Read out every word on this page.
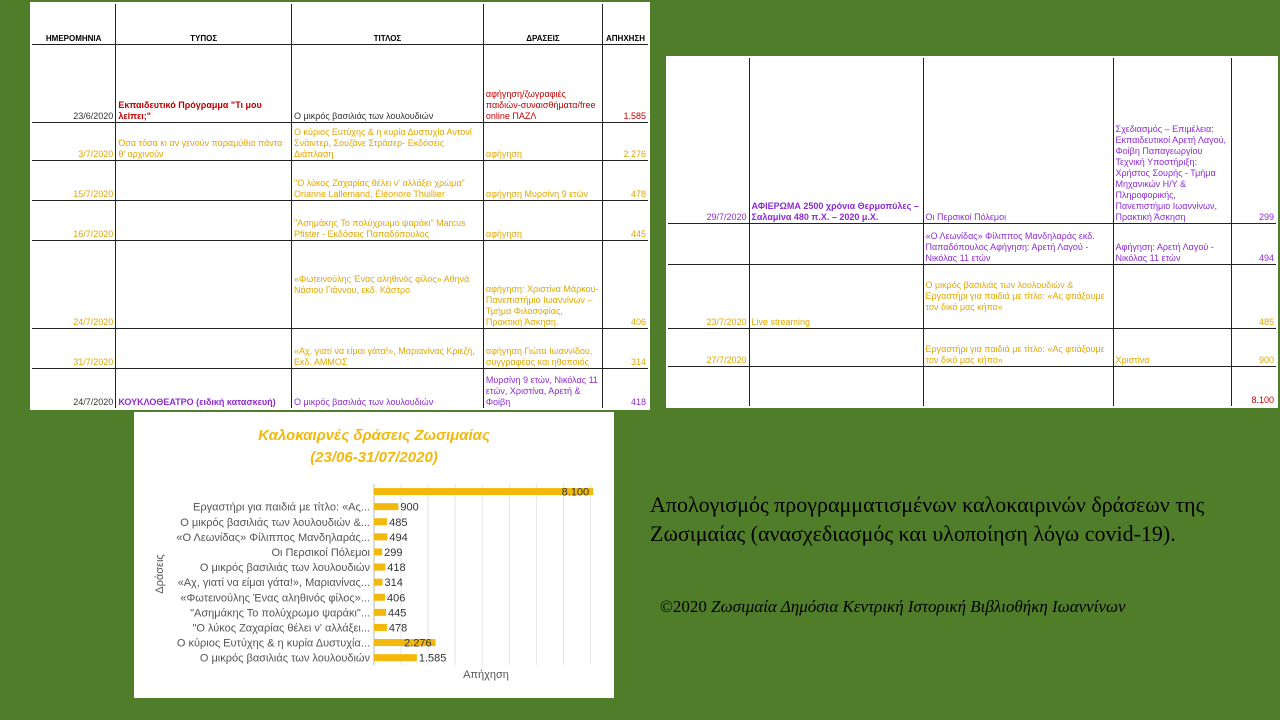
ΗΜΕΡΟΜΗΝΙΑ	ΤΥΠΟΣ	ΤΙΤΛΟΣ	ΔΡΑΣΕΙΣ	ΑΠΗΧΗΣΗ
23/6/2020	Εκπαιδευτικό Πρόγραμμα "Τι μου λείπει;"	Ο μικρός βασιλιάς των λουλουδιών	αφήγηση/ζωγραφιές παιδιών-συναισθήματα/free online ΠΑΖΛ	1.585
3/7/2020	Όσα τόσα κι αν γενούν παραμύθια πάντα θ' αρχινούν	Ο κύριος Ευτύχης & η κυρία Δυστυχία Αντονί Σνάιντερ, Σουζάνε Στράσερ- Εκδόσεις Διάπλαση	αφήγηση	2.276
15/7/2020		"Ο λύκος Ζαχαρίας θέλει ν' αλλάξει χρώμα" Orianne Lallemand, Éléonore Thuillier	αφήγηση Μυρσίνη 9 ετών	478
16/7/2020		"Ασημάκης Το πολύχρωμο ψαράκι" Marcus Pfister - Εκδόσεις Παπαδόπουλος	αφήγηση	445
24/7/2020		«Φωτεινούλης Ένας αληθινός φίλος» Αθηνά Νάσιου Γιάννου, εκδ. Κάστρο	αφήγηση: Χριστίνα Μάρκου- Πανεπιστήμιο Ιωαννίνων – Τμήμα Φιλοσοφίας, Πρακτική Άσκηση.	406
31/7/2020		«Αχ, γιατί να είμαι γάτα!», Μαριανίνας Κριεζή, Εκδ. ΑΜΜΟΣ	αφήγηση Γιώτα Ιωαννίδου, συγγραφέας και ηθοποιός	314
24/7/2020	ΚΟΥΚΛΟΘΕΑΤΡΟ (ειδική κατασκευή)	Ο μικρός βασιλιάς των λουλουδιών	Μυρσίνη 9 ετών, Νικόλας 11 ετών, Χριστίνα, Αρετή & Φοίβη	418
29/7/2020	ΑΦΙΕΡΩΜΑ 2500 χρόνια Θερμοπύλες – Σαλαμίνα 480 π.Χ. – 2020 μ.Χ.	Οι Περσικοί Πόλεμοι	Σχεδιασμός – Επιμέλεια: Εκπαιδευτικοί Αρετή Λαγού, Φοίβη Παπαγεωργίου Τεχνική Υποστήριξη: Χρήστος Σουρής - Τμήμα Μηχανικών Η/Υ & Πληροφορικής, Πανεπιστήμιο Ιωαννίνων, Πρακτική Άσκηση	299
		«Ο Λεωνίδας» Φίλιππος Μανδηλαράς εκδ. Παπαδόπουλος Αφήγηση: Αρετή Λαγού - Νικόλας 11 ετών	Αφήγηση: Αρετή Λαγού - Νικόλας 11 ετών	494
23/7/2020	Live streaming	Ο μικρός βασιλιάς των λουλουδιών & Εργαστήρι για παιδιά με τίτλο: «Ας φτιάξουμε τον δικό μας κήπο»		485
27/7/2020		Εργαστήρι για παιδιά με τίτλο: «Ας φτιάξουμε τον δικό μας κήπο»	Χριστίνα	900
				8.100
Καλοκαιρνές δράσεις Ζωσιμαίας
(23/06-31/07/2020)
8.100
900
Εργαστήρι για παιδιά με τίτλο: «Ας...
485
Ο μικρός βασιλιάς των λουλουδιών &...
494
«Ο Λεωνίδας» Φίλιππος Μανδηλαράς...
299
Οι Περσικοί Πόλεμοι
418
Ο μικρός βασιλιάς των λουλουδιών
314
«Αχ, γιατί να είμαι γάτα!», Μαριανίνας...
406
«Φωτεινούλης Ένας αληθινός φίλος»...
445
"Ασημάκης Το πολύχρωμο ψαράκι"...
478
"Ο λύκος Ζαχαρίας θέλει ν' αλλάξει...
2.276
Ο κύριος Ευτύχης & η κυρία Δυστυχία...
1.585
Ο μικρός βασιλιάς των λουλουδιών
Απήχηση
Δράσεις
Απολογισμός προγραμματισμένων καλοκαιρινών δράσεων της Ζωσιμαίας (ανασχεδιασμός και υλοποίηση λόγω covid-19).
©2020 Ζωσιμαία Δημόσια Κεντρική Ιστορική Βιβλιοθήκη Ιωαννίνων
